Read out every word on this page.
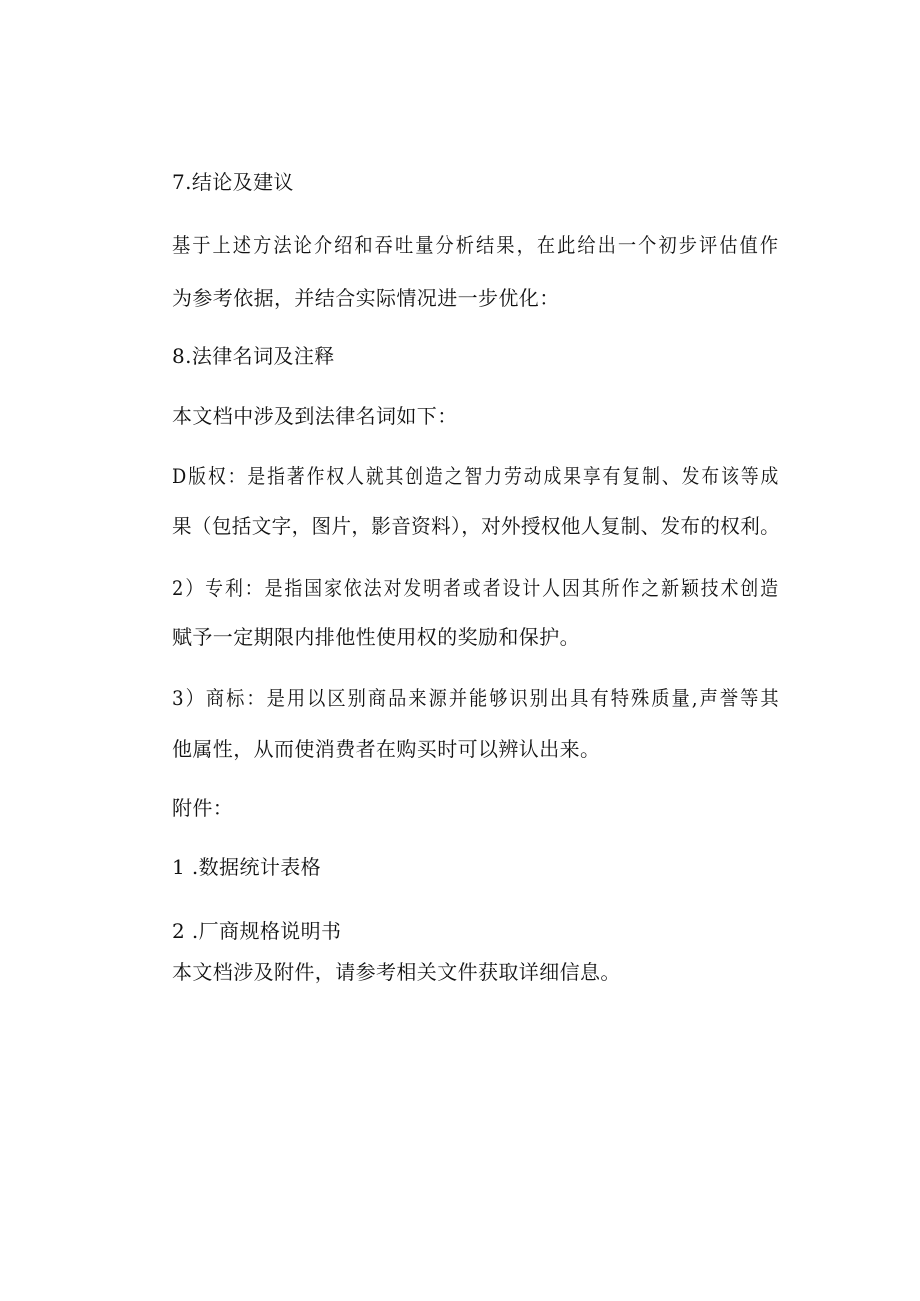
7.结论及建议
基于上述方法论介绍和吞吐量分析结果，在此给出一个初步评估值作
为参考依据，并结合实际情况进一步优化：
8.法律名词及注释
本文档中涉及到法律名词如下：
D版权：是指著作权人就其创造之智力劳动成果享有复制、发布该等成
果（包括文字，图片，影音资料），对外授权他人复制、发布的权利。
2）专利：是指国家依法对发明者或者设计人因其所作之新颖技术创造
赋予一定期限内排他性使用权的奖励和保护。
3）商标：是用以区别商品来源并能够识别出具有特殊质量,声誉等其
他属性，从而使消费者在购买时可以辨认出来。
附件：
1 .数据统计表格
2 .厂商规格说明书
本文档涉及附件，请参考相关文件获取详细信息。
